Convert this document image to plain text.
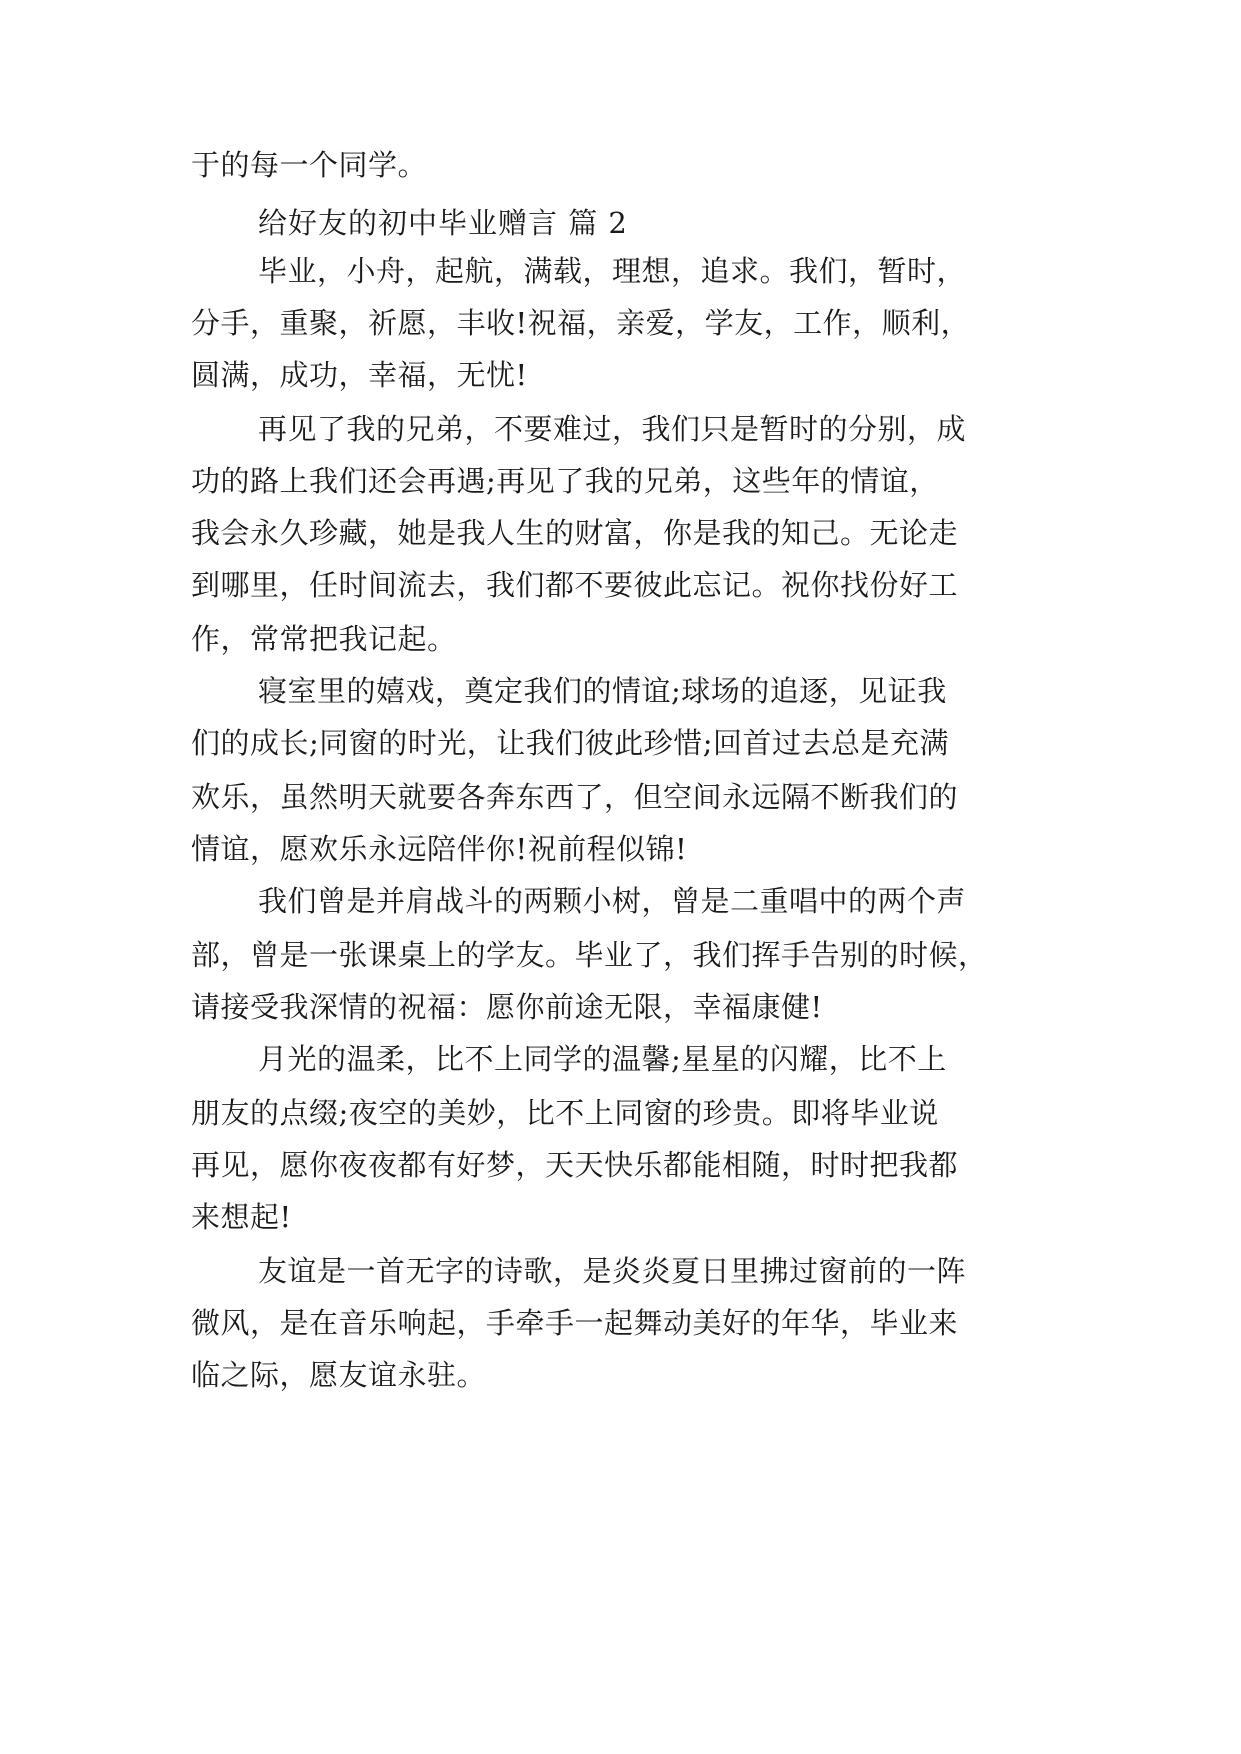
于的每一个同学。

给好友的初中毕业赠言 篇 2

毕业，小舟，起航，满载，理想，追求。我们，暂时，

分手，重聚，祈愿，丰收!祝福，亲爱，学友，工作，顺利，

圆满，成功，幸福，无忧!

再见了我的兄弟，不要难过，我们只是暂时的分别，成

功的路上我们还会再遇;再见了我的兄弟，这些年的情谊，

我会永久珍藏，她是我人生的财富，你是我的知己。无论走

到哪里，任时间流去，我们都不要彼此忘记。祝你找份好工

作，常常把我记起。

寝室里的嬉戏，奠定我们的情谊;球场的追逐，见证我

们的成长;同窗的时光，让我们彼此珍惜;回首过去总是充满

欢乐，虽然明天就要各奔东西了，但空间永远隔不断我们的

情谊，愿欢乐永远陪伴你!祝前程似锦!

我们曾是并肩战斗的两颗小树，曾是二重唱中的两个声

部，曾是一张课桌上的学友。毕业了，我们挥手告别的时候，

请接受我深情的祝福：愿你前途无限，幸福康健!

月光的温柔，比不上同学的温馨;星星的闪耀，比不上

朋友的点缀;夜空的美妙，比不上同窗的珍贵。即将毕业说

再见，愿你夜夜都有好梦，天天快乐都能相随，时时把我都

来想起!

友谊是一首无字的诗歌，是炎炎夏日里拂过窗前的一阵

微风，是在音乐响起，手牵手一起舞动美好的年华，毕业来

临之际，愿友谊永驻。
